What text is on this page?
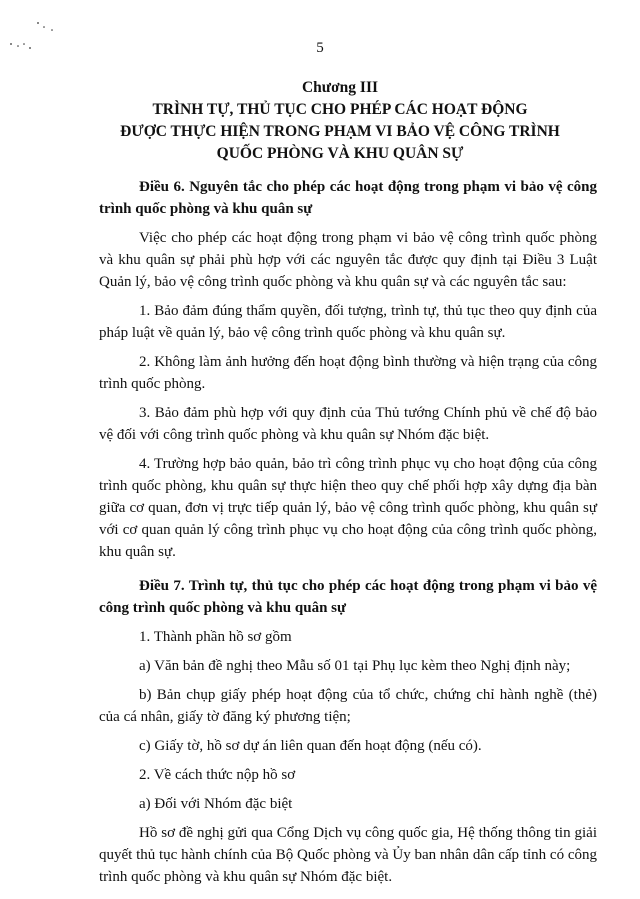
5
Chương III
TRÌNH TỰ, THỦ TỤC CHO PHÉP CÁC HOẠT ĐỘNG
ĐƯỢC THỰC HIỆN TRONG PHẠM VI BẢO VỆ CÔNG TRÌNH
QUỐC PHÒNG VÀ KHU QUÂN SỰ

Điều 6. Nguyên tắc cho phép các hoạt động trong phạm vi bảo vệ công trình quốc phòng và khu quân sự

Việc cho phép các hoạt động trong phạm vi bảo vệ công trình quốc phòng và khu quân sự phải phù hợp với các nguyên tắc được quy định tại Điều 3 Luật Quản lý, bảo vệ công trình quốc phòng và khu quân sự và các nguyên tắc sau:

1. Bảo đảm đúng thẩm quyền, đối tượng, trình tự, thủ tục theo quy định của pháp luật về quản lý, bảo vệ công trình quốc phòng và khu quân sự.

2. Không làm ảnh hưởng đến hoạt động bình thường và hiện trạng của công trình quốc phòng.

3. Bảo đảm phù hợp với quy định của Thủ tướng Chính phủ về chế độ bảo vệ đối với công trình quốc phòng và khu quân sự Nhóm đặc biệt.

4. Trường hợp bảo quản, bảo trì công trình phục vụ cho hoạt động của công trình quốc phòng, khu quân sự thực hiện theo quy chế phối hợp xây dựng địa bàn giữa cơ quan, đơn vị trực tiếp quản lý, bảo vệ công trình quốc phòng, khu quân sự với cơ quan quản lý công trình phục vụ cho hoạt động của công trình quốc phòng, khu quân sự.

Điều 7. Trình tự, thủ tục cho phép các hoạt động trong phạm vi bảo vệ công trình quốc phòng và khu quân sự

1. Thành phần hồ sơ gồm

a) Văn bản đề nghị theo Mẫu số 01 tại Phụ lục kèm theo Nghị định này;

b) Bản chụp giấy phép hoạt động của tổ chức, chứng chỉ hành nghề (thẻ) của cá nhân, giấy tờ đăng ký phương tiện;

c) Giấy tờ, hồ sơ dự án liên quan đến hoạt động (nếu có).

2. Về cách thức nộp hồ sơ

a) Đối với Nhóm đặc biệt

Hồ sơ đề nghị gửi qua Cổng Dịch vụ công quốc gia, Hệ thống thông tin giải quyết thủ tục hành chính của Bộ Quốc phòng và Ủy ban nhân dân cấp tỉnh có công trình quốc phòng và khu quân sự Nhóm đặc biệt.
